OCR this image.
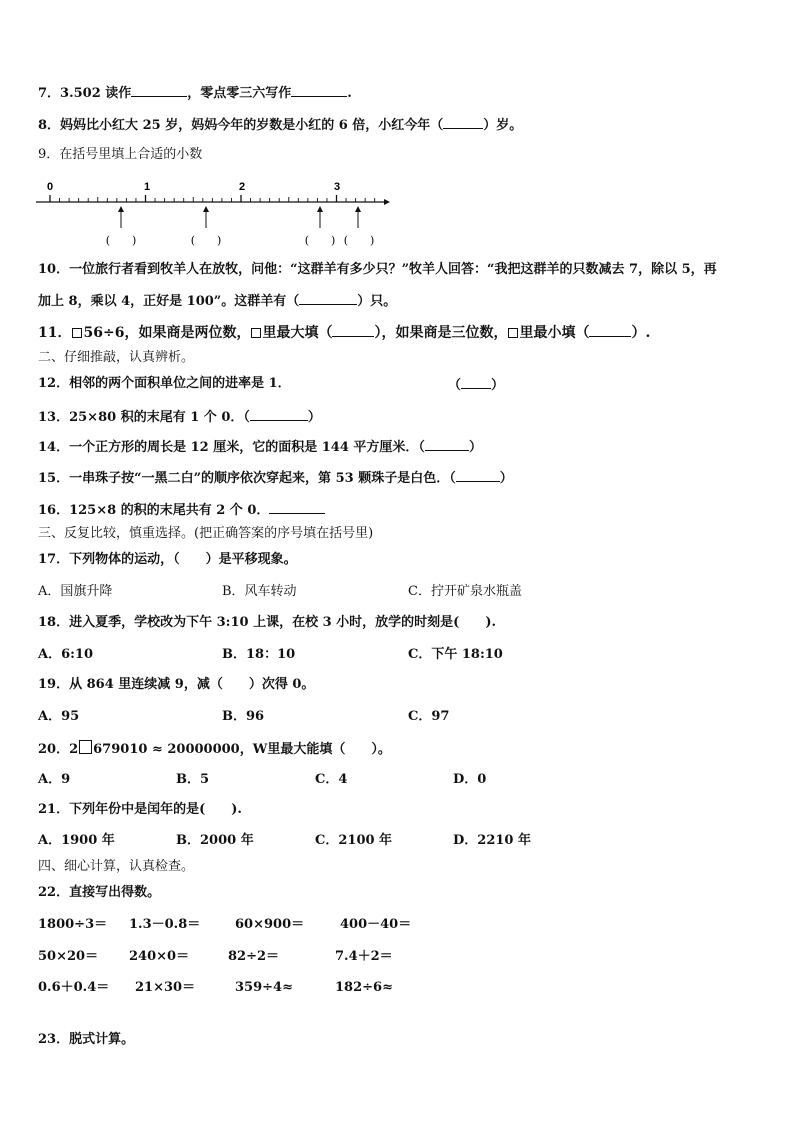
7．3.502 读作	，零点零三六写作	.
8．妈妈比小红大 25 岁，妈妈今年的岁数是小红的 6 倍，小红今年（	）岁。
9．在括号里填上合适的小数
0	1	2	3
(　　)	(　　)	(　　) (　　)
10．一位旅行者看到牧羊人在放牧，问他：“这群羊有多少只？”牧羊人回答：“我把这群羊的只数减去 7，除以 5，再
加上 8，乘以 4，正好是 100”。这群羊有（	）只。
11． 56÷6，如果商是两位数， 里最大填（	），如果商是三位数， 里最小填（	）.
二、仔细推敲，认真辨析。
12．相邻的两个面积单位之间的进率是 1．	（ ）
13．25×80 积的末尾有 1 个 0．（	）
14．一个正方形的周长是 12 厘米，它的面积是 144 平方厘米．（	）
15．一串珠子按“一黑二白”的顺序依次穿起来，第 53 颗珠子是白色．（	）
16．125×8 的积的末尾共有 2 个 0．
三、反复比较，慎重选择。(把正确答案的序号填在括号里)
17．下列物体的运动，（　　）是平移现象。
A．国旗升降	B．风车转动	C．拧开矿泉水瓶盖
18．进入夏季，学校改为下午 3:10 上课，在校 3 小时，放学的时刻是(　　).
A．6:10	B．18：10	C．下午 18:10
19．从 864 里连续减 9，减（　　）次得 0。
A．95	B．96	C．97
20．2 679010 ≈ 20000000，W里最大能填（　　）。
A．9	B．5	C．4	D．0
21．下列年份中是闰年的是(　　).
A．1900 年	B．2000 年	C．2100 年	D．2210 年
四、细心计算，认真检查。
22．直接写出得数。
1800÷3＝ 1.3－0.8＝	60×900＝	400－40＝
50×20＝ 240×0＝	82÷2＝	7.4＋2＝
0.6＋0.4＝ 21×30＝	359÷4≈	182÷6≈
23．脱式计算。
